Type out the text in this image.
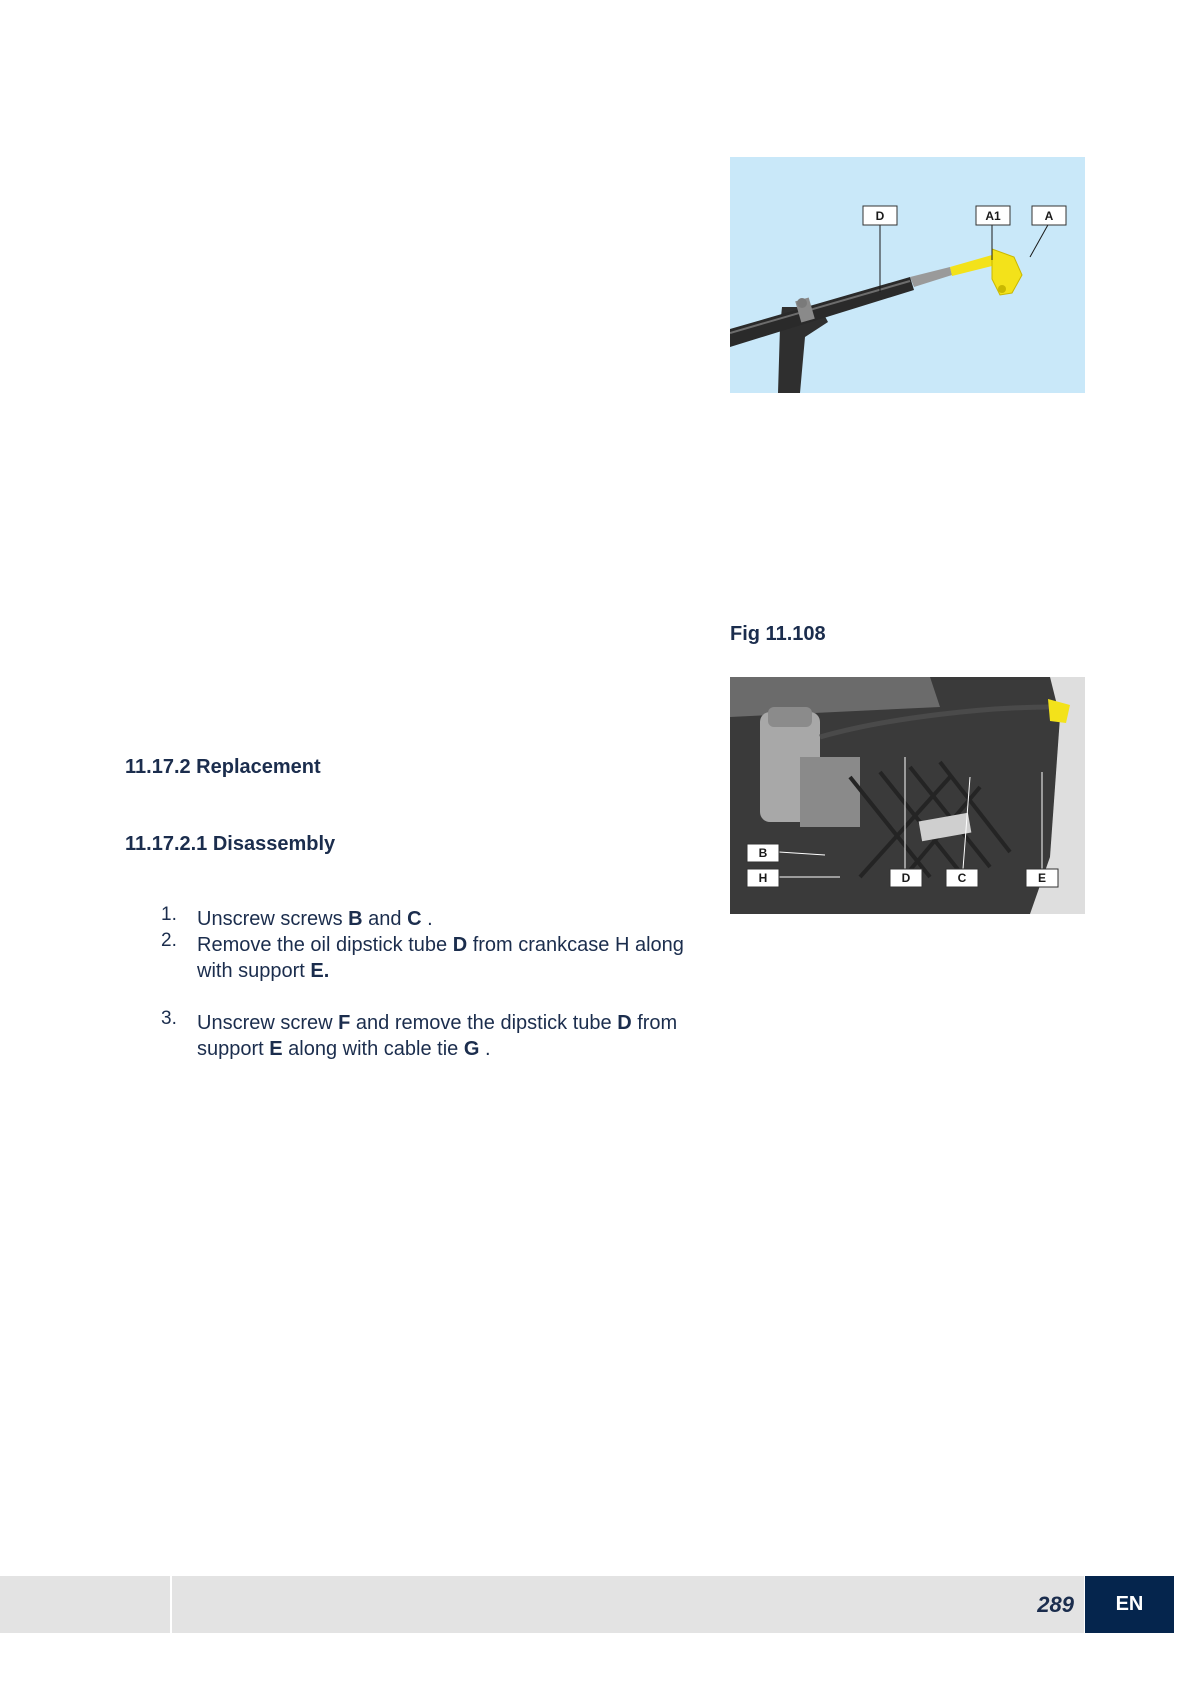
D	A1	A
Fig 11.108
B
H	D	C	E
11.17.2 Replacement
11.17.2.1 Disassembly
1. Unscrew screws B and C .
2. Remove the oil dipstick tube D from crankcase H along with support E.
3. Unscrew screw F and remove the dipstick tube D from support E along with cable tie G .
289	EN
